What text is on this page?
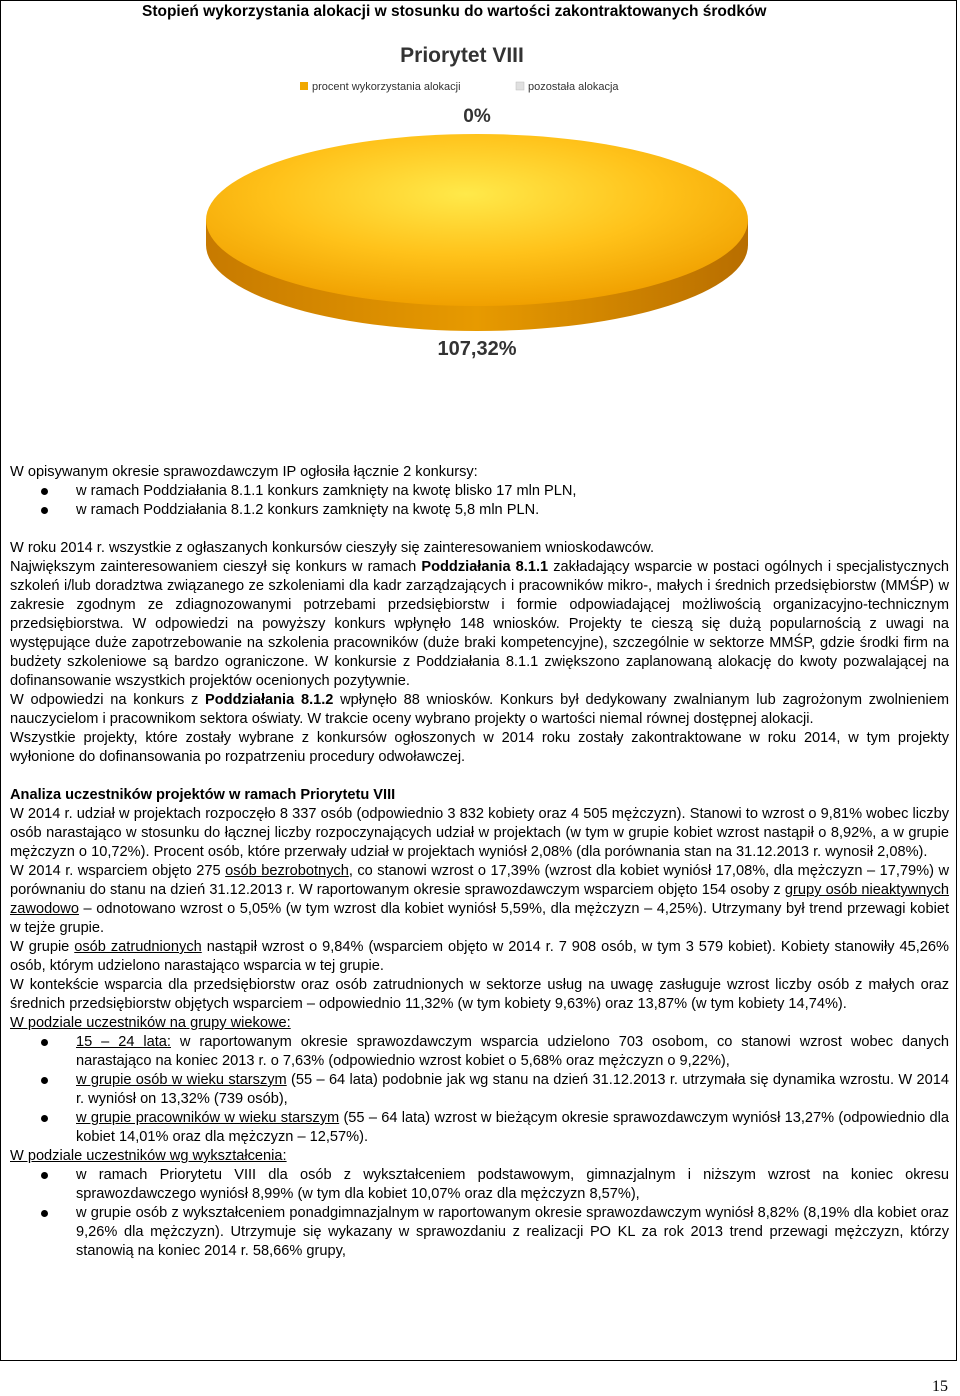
Stopień wykorzystania alokacji w stosunku do wartości zakontraktowanych środków
Priorytet VIII
procent wykorzystania alokacji	pozostała alokacja
0%
107,32%

W opisywanym okresie sprawozdawczym IP ogłosiła łącznie 2 konkursy:

w ramach Poddziałania 8.1.1 konkurs zamknięty na kwotę blisko 17 mln PLN,
w ramach Poddziałania 8.1.2 konkurs zamknięty na kwotę 5,8 mln PLN.

W roku 2014 r. wszystkie z ogłaszanych konkursów cieszyły się zainteresowaniem wnioskodawców.

Największym zainteresowaniem cieszył się konkurs w ramach Poddziałania 8.1.1 zakładający wsparcie w postaci ogólnych i specjalistycznych szkoleń i/lub doradztwa związanego ze szkoleniami dla kadr zarządzających i pracowników mikro-, małych i średnich przedsiębiorstw (MMŚP) w zakresie zgodnym ze zdiagnozowanymi potrzebami przedsiębiorstw i formie odpowiadającej możliwością organizacyjno-technicznym przedsiębiorstwa. W odpowiedzi na powyższy konkurs wpłynęło 148 wniosków. Projekty te cieszą się dużą popularnością z uwagi na występujące duże zapotrzebowanie na szkolenia pracowników (duże braki kompetencyjne), szczególnie w sektorze MMŚP, gdzie środki firm na budżety szkoleniowe są bardzo ograniczone. W konkursie z Poddziałania 8.1.1 zwiększono zaplanowaną alokację do kwoty pozwalającej na dofinansowanie wszystkich projektów ocenionych pozytywnie.

W odpowiedzi na konkurs z Poddziałania 8.1.2 wpłynęło 88 wniosków. Konkurs był dedykowany zwalnianym lub zagrożonym zwolnieniem nauczycielom i pracownikom sektora oświaty. W trakcie oceny wybrano projekty o wartości niemal równej dostępnej alokacji.

Wszystkie projekty, które zostały wybrane z konkursów ogłoszonych w 2014 roku zostały zakontraktowane w roku 2014, w tym projekty wyłonione do dofinansowania po rozpatrzeniu procedury odwoławczej.

Analiza uczestników projektów w ramach Priorytetu VIII

W 2014 r. udział w projektach rozpoczęło 8 337 osób (odpowiednio 3 832 kobiety oraz 4 505 mężczyzn). Stanowi to wzrost o 9,81% wobec liczby osób narastająco w stosunku do łącznej liczby rozpoczynających udział w projektach (w tym w grupie kobiet wzrost nastąpił o 8,92%, a w grupie mężczyzn o 10,72%). Procent osób, które przerwały udział w projektach wyniósł 2,08% (dla porównania stan na 31.12.2013 r. wynosił 2,08%).

W 2014 r. wsparciem objęto 275 osób bezrobotnych, co stanowi wzrost o 17,39% (wzrost dla kobiet wyniósł 17,08%, dla mężczyzn – 17,79%) w porównaniu do stanu na dzień 31.12.2013 r. W raportowanym okresie sprawozdawczym wsparciem objęto 154 osoby z grupy osób nieaktywnych zawodowo – odnotowano wzrost o 5,05% (w tym wzrost dla kobiet wyniósł 5,59%, dla mężczyzn – 4,25%). Utrzymany był trend przewagi kobiet w tejże grupie.

W grupie osób zatrudnionych nastąpił wzrost o 9,84% (wsparciem objęto w 2014 r. 7 908 osób, w tym 3 579 kobiet). Kobiety stanowiły 45,26% osób, którym udzielono narastająco wsparcia w tej grupie.

W kontekście wsparcia dla przedsiębiorstw oraz osób zatrudnionych w sektorze usług na uwagę zasługuje wzrost liczby osób z małych oraz średnich przedsiębiorstw objętych wsparciem – odpowiednio 11,32% (w tym kobiety 9,63%) oraz 13,87% (w tym kobiety 14,74%).

W podziale uczestników na grupy wiekowe:

15 – 24 lata: w raportowanym okresie sprawozdawczym wsparcia udzielono 703 osobom, co stanowi wzrost wobec danych narastająco na koniec 2013 r. o 7,63% (odpowiednio wzrost kobiet o 5,68% oraz mężczyzn o 9,22%),
w grupie osób w wieku starszym (55 – 64 lata) podobnie jak wg stanu na dzień 31.12.2013 r. utrzymała się dynamika wzrostu. W 2014 r. wyniósł on 13,32% (739 osób),
w grupie pracowników w wieku starszym (55 – 64 lata) wzrost w bieżącym okresie sprawozdawczym wyniósł 13,27% (odpowiednio dla kobiet 14,01% oraz dla mężczyzn – 12,57%).

W podziale uczestników wg wykształcenia:

w ramach Priorytetu VIII dla osób z wykształceniem podstawowym, gimnazjalnym i niższym wzrost na koniec okresu sprawozdawczego wyniósł 8,99% (w tym dla kobiet 10,07% oraz dla mężczyzn 8,57%),
w grupie osób z wykształceniem ponadgimnazjalnym w raportowanym okresie sprawozdawczym wyniósł 8,82% (8,19% dla kobiet oraz 9,26% dla mężczyzn). Utrzymuje się wykazany w sprawozdaniu z realizacji PO KL za rok 2013 trend przewagi mężczyzn, którzy stanowią na koniec 2014 r. 58,66% grupy,
15
